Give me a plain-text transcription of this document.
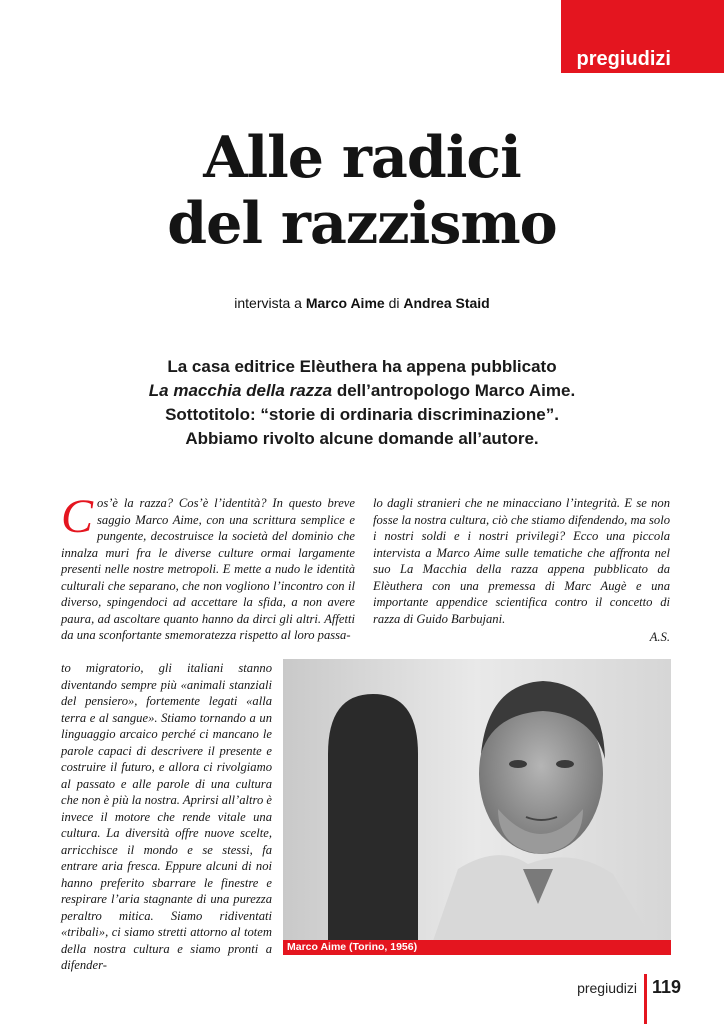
pregiudizi
Alle radici
del razzismo
intervista a Marco Aime di Andrea Staid
La casa editrice Elèuthera ha appena pubblicato
La macchia della razza dell’antropologo Marco Aime.
Sottotitolo: “storie di ordinaria discriminazione”.
Abbiamo rivolto alcune domande all’autore.
C os’è la razza? Cos’è l’identità? In questo breve saggio Marco Aime, con una scrittura semplice e pungente, decostruisce la società del dominio che innalza muri fra le diverse culture ormai largamente presenti nelle nostre metropoli. E mette a nudo le identità culturali che separano, che non vogliono l’incontro con il diverso, spingendoci ad accettare la sfida, a non avere paura, ad ascoltare quanto hanno da dirci gli altri. Affetti da una sconfortante smemoratezza rispetto al loro passa-

to migratorio, gli italiani stanno diventando sempre più «animali stanziali del pensiero», fortemente legati «alla terra e al sangue». Stiamo tornando a un linguaggio arcaico perché ci mancano le parole capaci di descrivere il presente e costruire il futuro, e allora ci rivolgiamo al passato e alle parole di una cultura che non è più la nostra. Aprirsi all’altro è invece il motore che rende vitale una cultura. La diversità offre nuove scelte, arricchisce il mondo e se stessi, fa entrare aria fresca. Eppure alcuni di noi hanno preferito sbarrare le finestre e respirare l’aria stagnante di una purezza peraltro mitica. Siamo ridiventati «tribali», ci siamo stretti attorno al totem della nostra cultura e siamo pronti a difender-

lo dagli stranieri che ne minacciano l’integrità. E se non fosse la nostra cultura, ciò che stiamo difendendo, ma solo i nostri soldi e i nostri privilegi? Ecco una piccola intervista a Marco Aime sulle tematiche che affronta nel suo La Macchia della razza appena pubblicato da Elèuthera con una premessa di Marc Augè e una importante appendice scientifica contro il concetto di razza di Guido Barbujani.

A.S.
Marco Aime (Torino, 1956)
pregiudizi 119
